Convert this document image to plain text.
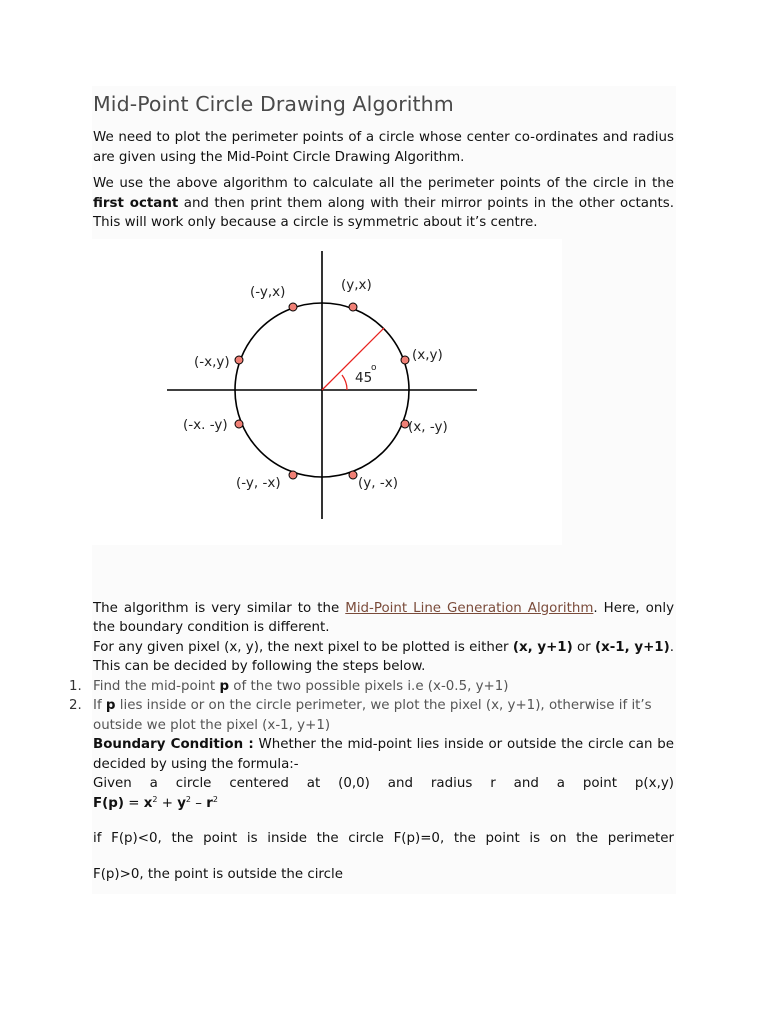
Mid-Point Circle Drawing Algorithm

We need to plot the perimeter points of a circle whose center co-ordinates and radius are given using the Mid-Point Circle Drawing Algorithm.

We use the above algorithm to calculate all the perimeter points of the circle in the first octant and then print them along with their mirror points in the other octants. This will work only because a circle is symmetric about it’s centre.

(y,x)
(-y,x)
(x,y)
(-x,y)
(x, -y)
(-x. -y)
(-y, -x)	(y, -x)
45
o

The algorithm is very similar to the Mid-Point Line Generation Algorithm. Here, only the boundary condition is different.

For any given pixel (x, y), the next pixel to be plotted is either (x, y+1) or (x-1, y+1). This can be decided by following the steps below.

1. Find the mid-point p of the two possible pixels i.e (x-0.5, y+1)
2. If p lies inside or on the circle perimeter, we plot the pixel (x, y+1), otherwise if it’s outside we plot the pixel (x-1, y+1)

Boundary Condition : Whether the mid-point lies inside or outside the circle can be decided by using the formula:-

Given a circle centered at (0,0) and radius r and a point p(x,y)

$F(p) = x^2 + y^2 - r^2$

if F(p)<0, the point is inside the circle F(p)=0, the point is on the perimeter

F(p)>0, the point is outside the circle
